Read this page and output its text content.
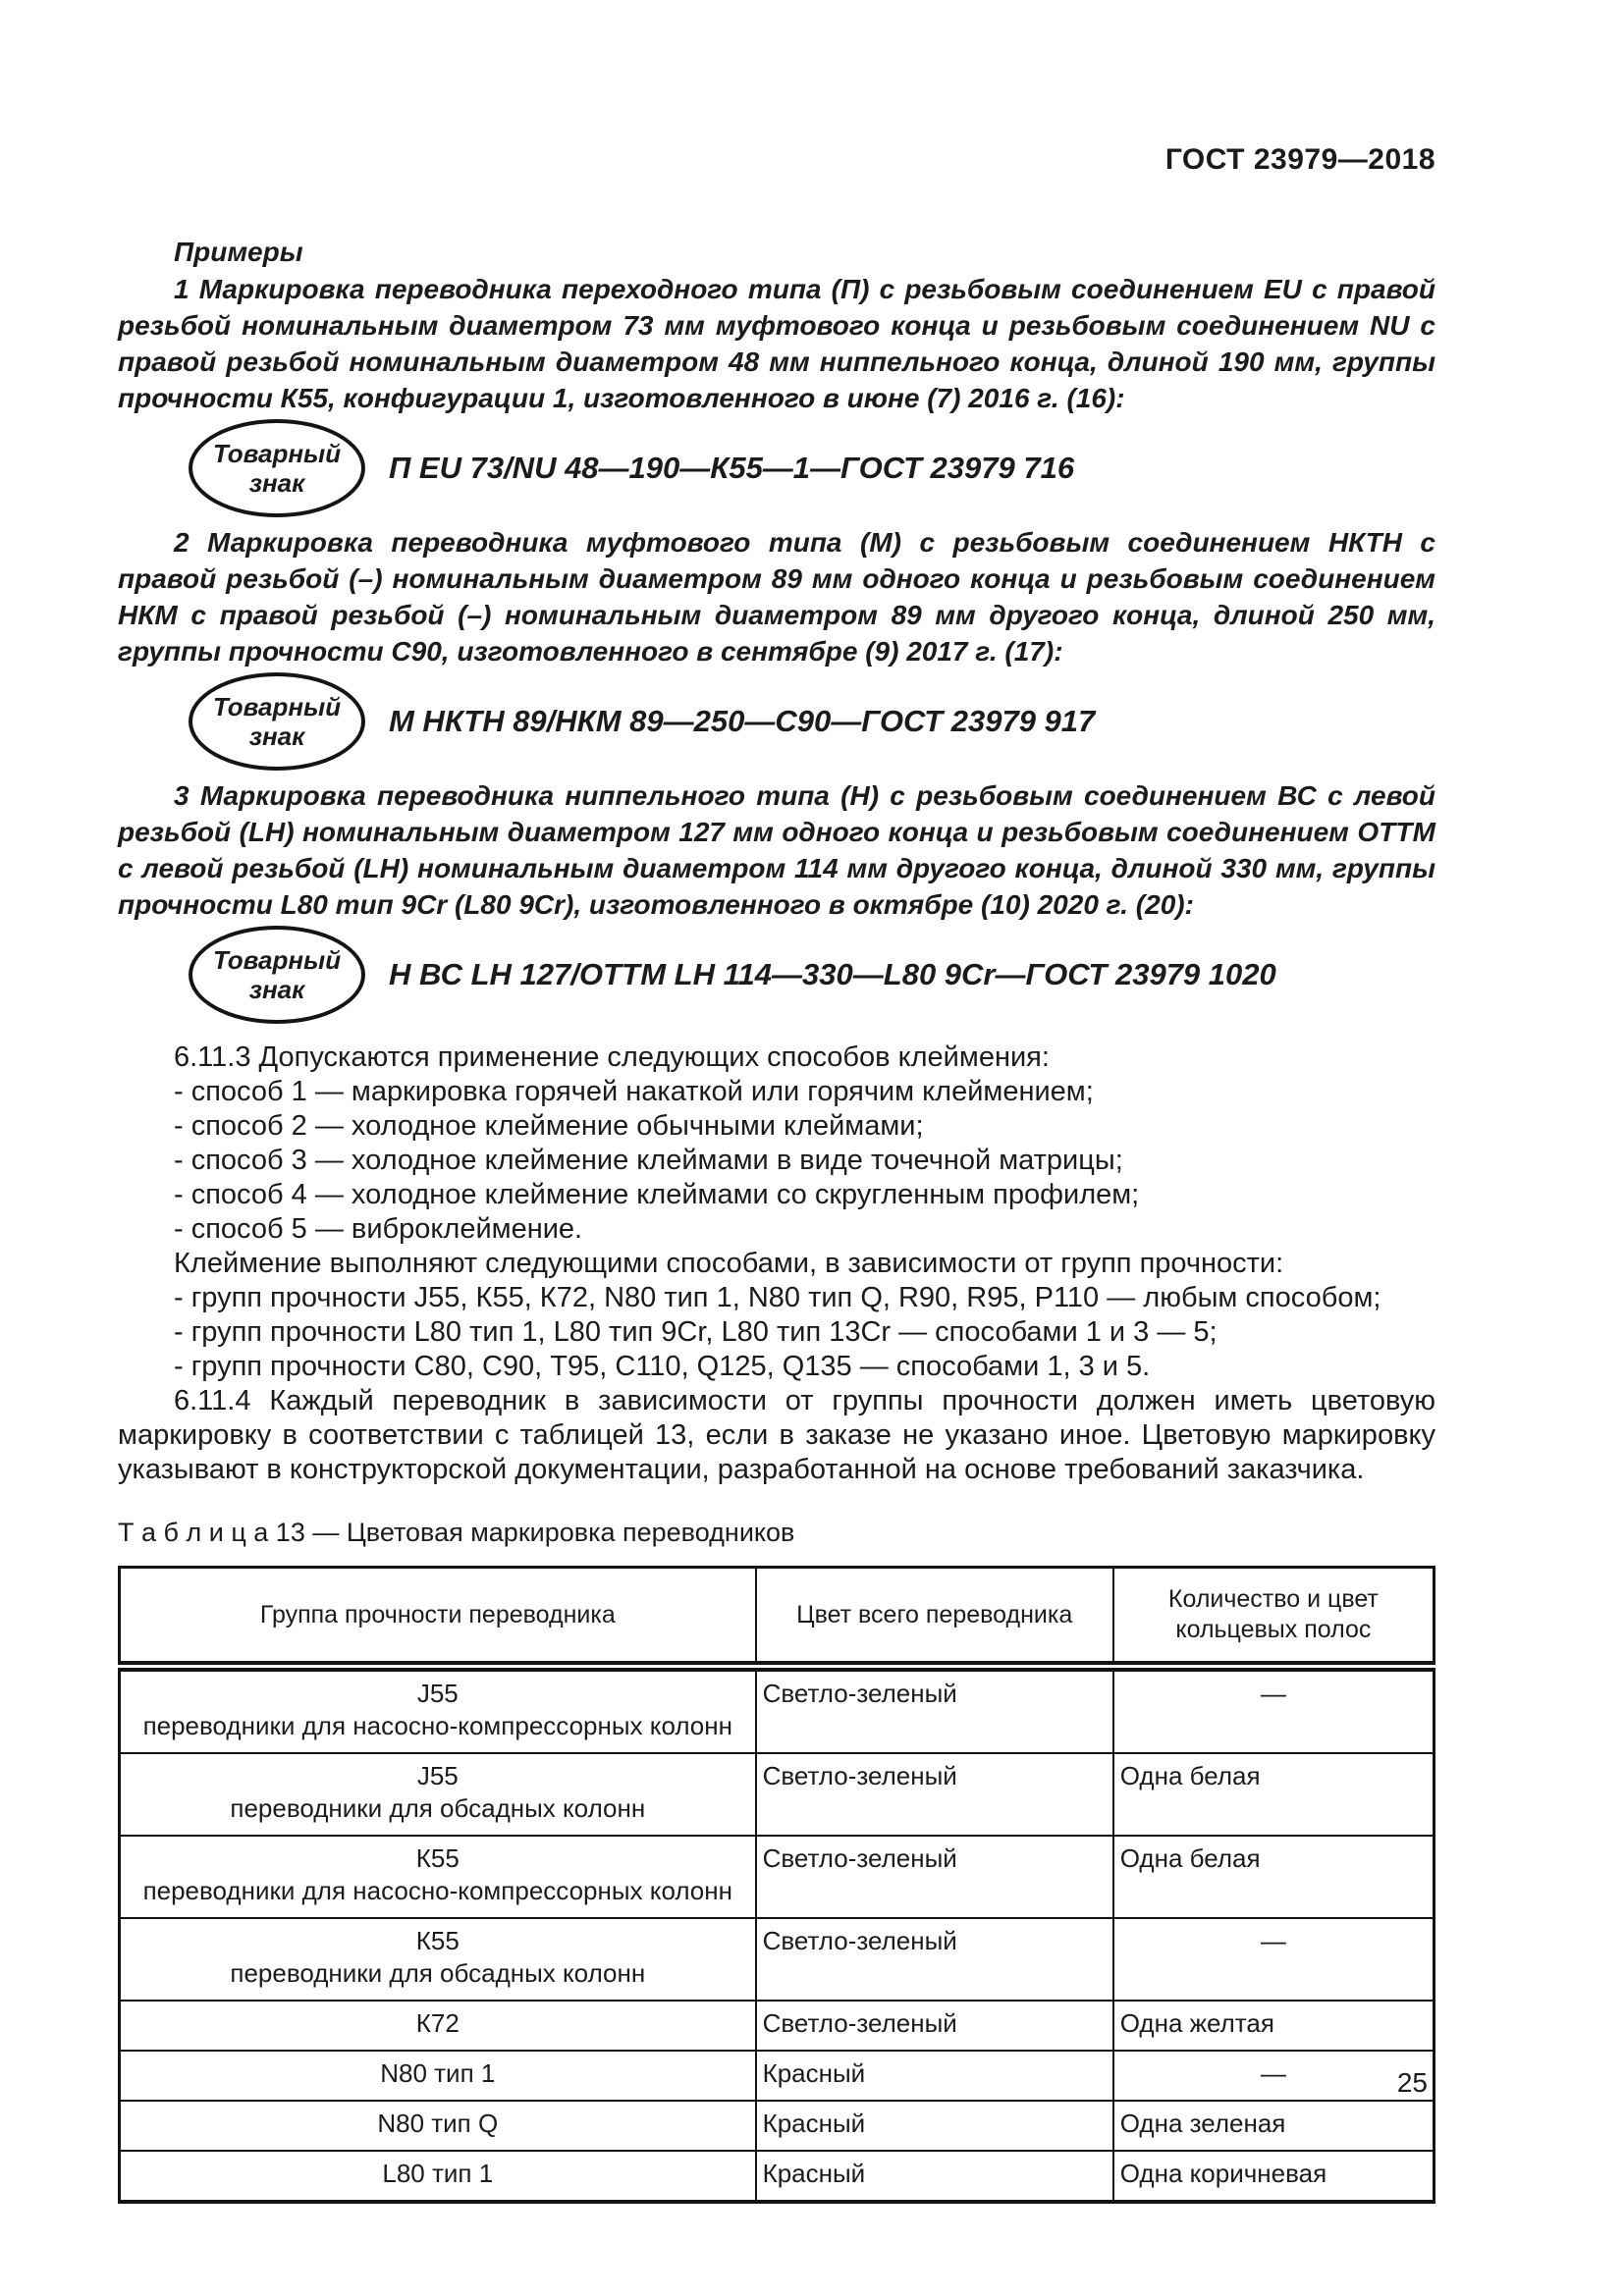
ГОСТ 23979—2018

Примеры

1 Маркировка переводника переходного типа (П) с резьбовым соединением EU с правой резьбой номинальным диаметром 73 мм муфтового конца и резьбовым соединением NU с правой резьбой номинальным диаметром 48 мм ниппельного конца, длиной 190 мм, группы прочности К55, конфигурации 1, изготовленного в июне (7) 2016 г. (16):

Товарный знак	П EU 73/NU 48—190—К55—1—ГОСТ 23979 716

2 Маркировка переводника муфтового типа (М) с резьбовым соединением НКТН с правой резьбой (–) номинальным диаметром 89 мм одного конца и резьбовым соединением НКМ с правой резьбой (–) номинальным диаметром 89 мм другого конца, длиной 250 мм, группы прочности С90, изготовленного в сентябре (9) 2017 г. (17):

Товарный знак	М НКТН 89/НКМ 89—250—С90—ГОСТ 23979 917

3 Маркировка переводника ниппельного типа (Н) с резьбовым соединением ВС с левой резьбой (LH) номинальным диаметром 127 мм одного конца и резьбовым соединением ОТТМ с левой резьбой (LH) номинальным диаметром 114 мм другого конца, длиной 330 мм, группы прочности L80 тип 9Cr (L80 9Cr), изготовленного в октябре (10) 2020 г. (20):

Товарный знак	Н ВС LH 127/ОТТМ LH 114—330—L80 9Cr—ГОСТ 23979 1020

6.11.3 Допускаются применение следующих способов клеймения:

- способ 1 — маркировка горячей накаткой или горячим клеймением;

- способ 2 — холодное клеймение обычными клеймами;

- способ 3 — холодное клеймение клеймами в виде точечной матрицы;

- способ 4 — холодное клеймение клеймами со скругленным профилем;

- способ 5 — виброклеймение.

Клеймение выполняют следующими способами, в зависимости от групп прочности:

- групп прочности J55, К55, К72, N80 тип 1, N80 тип Q, R90, R95, Р110 — любым способом;

- групп прочности L80 тип 1, L80 тип 9Cr, L80 тип 13Cr — способами 1 и 3 — 5;

- групп прочности С80, С90, Т95, С110, Q125, Q135 — способами 1, 3 и 5.

6.11.4 Каждый переводник в зависимости от группы прочности должен иметь цветовую маркировку в соответствии с таблицей 13, если в заказе не указано иное. Цветовую маркировку указывают в конструкторской документации, разработанной на основе требований заказчика.

Т а б л и ц а 13 — Цветовая маркировка переводников

Группа прочности переводника	Цвет всего переводника	Количество и цвет кольцевых полос

J55
переводники для насосно-компрессорных колонн	Светло-зеленый	—

J55
переводники для обсадных колонн	Светло-зеленый	Одна белая

К55
переводники для насосно-компрессорных колонн	Светло-зеленый	Одна белая

К55
переводники для обсадных колонн	Светло-зеленый	—

К72	Светло-зеленый	Одна желтая

N80 тип 1	Красный	—

N80 тип Q	Красный	Одна зеленая

L80 тип 1	Красный	Одна коричневая
25
